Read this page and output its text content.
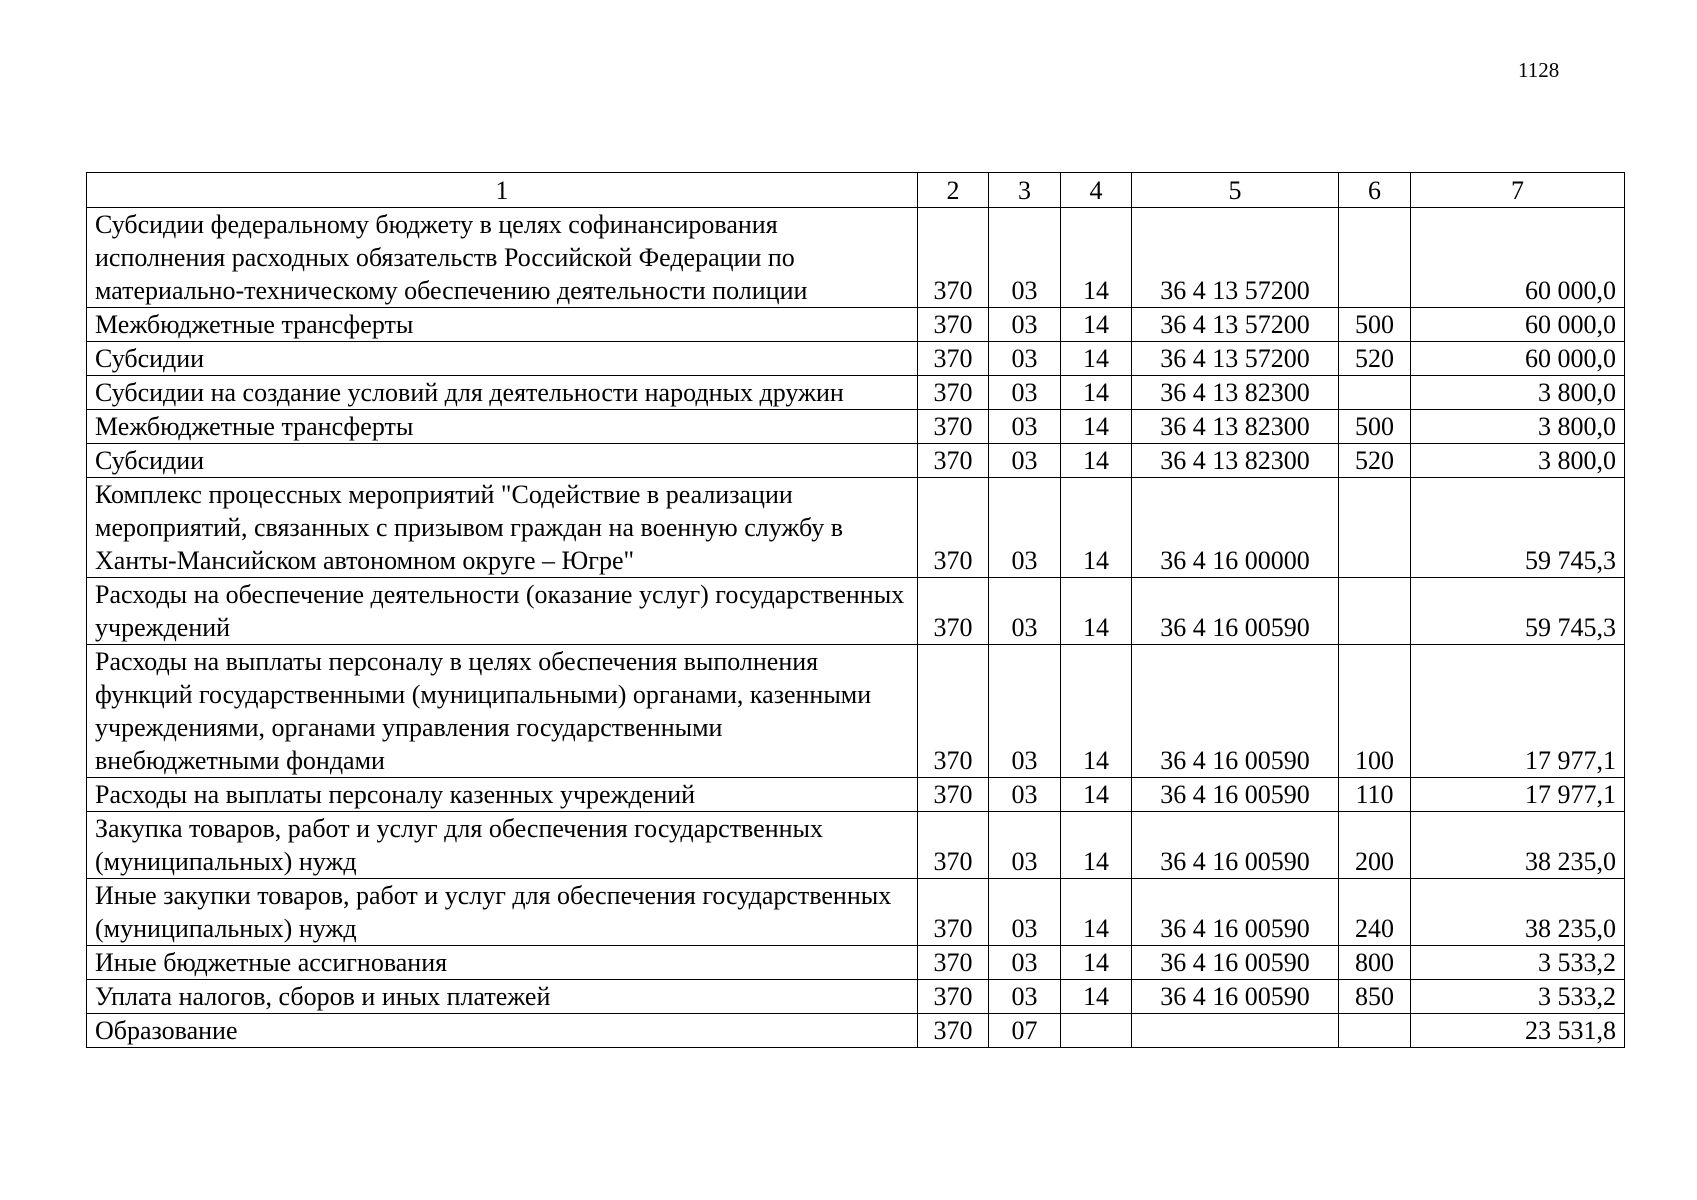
1128
1	2	3	4	5	6	7
Субсидии федеральному бюджету в целях софинансирования исполнения расходных обязательств Российской Федерации по материально-техническому обеспечению деятельности полиции	370	03	14	36 4 13 57200		60 000,0
Межбюджетные трансферты	370	03	14	36 4 13 57200	500	60 000,0
Субсидии	370	03	14	36 4 13 57200	520	60 000,0
Субсидии на создание условий для деятельности народных дружин	370	03	14	36 4 13 82300		3 800,0
Межбюджетные трансферты	370	03	14	36 4 13 82300	500	3 800,0
Субсидии	370	03	14	36 4 13 82300	520	3 800,0
Комплекс процессных мероприятий "Содействие в реализации мероприятий, связанных с призывом граждан на военную службу в Ханты-Мансийском автономном округе – Югре"	370	03	14	36 4 16 00000		59 745,3
Расходы на обеспечение деятельности (оказание услуг) государственных учреждений	370	03	14	36 4 16 00590		59 745,3
Расходы на выплаты персоналу в целях обеспечения выполнения функций государственными (муниципальными) органами, казенными учреждениями, органами управления государственными внебюджетными фондами	370	03	14	36 4 16 00590	100	17 977,1
Расходы на выплаты персоналу казенных учреждений	370	03	14	36 4 16 00590	110	17 977,1
Закупка товаров, работ и услуг для обеспечения государственных (муниципальных) нужд	370	03	14	36 4 16 00590	200	38 235,0
Иные закупки товаров, работ и услуг для обеспечения государственных (муниципальных) нужд	370	03	14	36 4 16 00590	240	38 235,0
Иные бюджетные ассигнования	370	03	14	36 4 16 00590	800	3 533,2
Уплата налогов, сборов и иных платежей	370	03	14	36 4 16 00590	850	3 533,2
Образование	370	07				23 531,8
